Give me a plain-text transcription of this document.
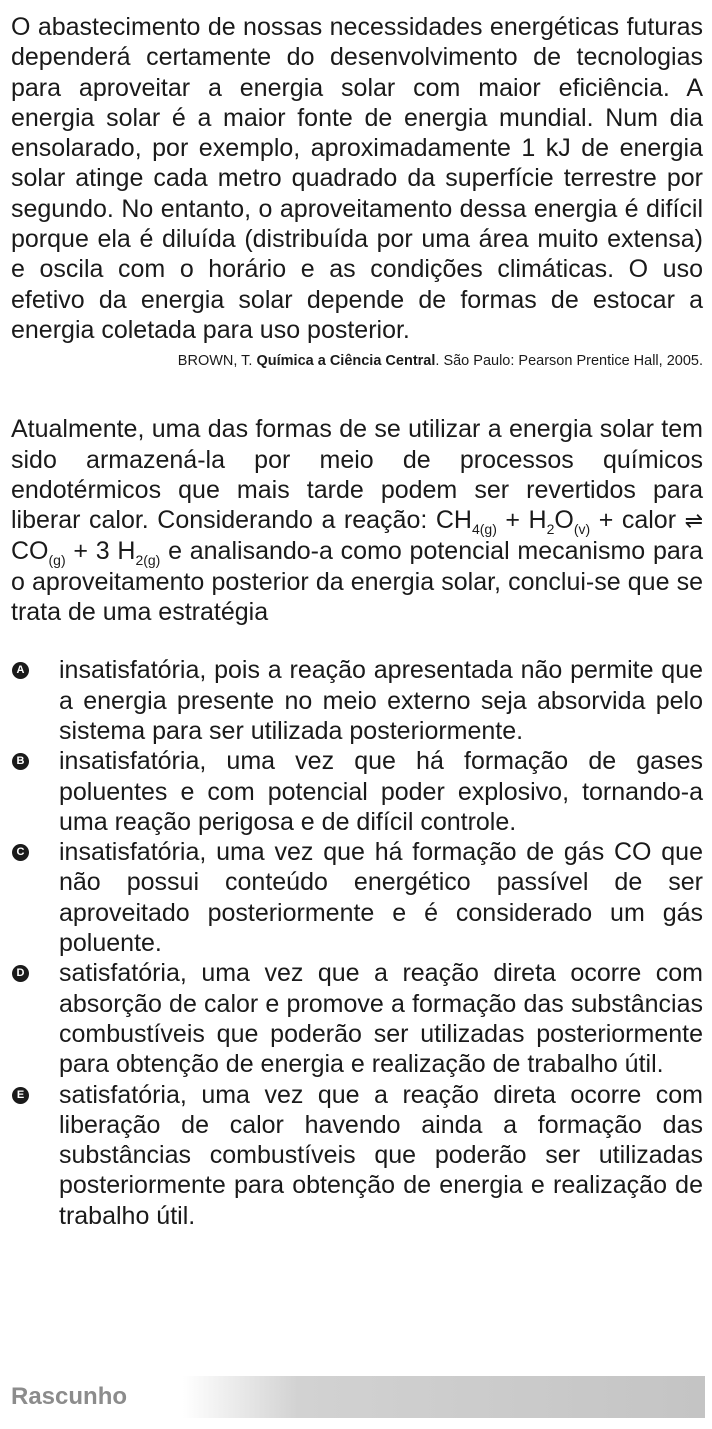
O abastecimento de nossas necessidades energéticas futuras dependerá certamente do desenvolvimento de tecnologias para aproveitar a energia solar com maior eficiência. A energia solar é a maior fonte de energia mundial. Num dia ensolarado, por exemplo, aproximadamente 1 kJ de energia solar atinge cada metro quadrado da superfície terrestre por segundo. No entanto, o aproveitamento dessa energia é difícil porque ela é diluída (distribuída por uma área muito extensa) e oscila com o horário e as condições climáticas. O uso efetivo da energia solar depende de formas de estocar a energia coletada para uso posterior.

BROWN, T. Química a Ciência Central. São Paulo: Pearson Prentice Hall, 2005.

Atualmente, uma das formas de se utilizar a energia solar tem sido armazená-la por meio de processos químicos endotérmicos que mais tarde podem ser revertidos para liberar calor. Considerando a reação: $CH_{4(g)} + H_2O_{(v)}$ + calor ⇌ $CO_{(g)} + 3$ $H_{2(g)}$ e analisando-a como potencial mecanismo para o aproveitamento posterior da energia solar, conclui-se que se trata de uma estratégia

A insatisfatória, pois a reação apresentada não permite que a energia presente no meio externo seja absorvida pelo sistema para ser utilizada posteriormente.
B insatisfatória, uma vez que há formação de gases poluentes e com potencial poder explosivo, tornando-a uma reação perigosa e de difícil controle.
C insatisfatória, uma vez que há formação de gás CO que não possui conteúdo energético passível de ser aproveitado posteriormente e é considerado um gás poluente.
D satisfatória, uma vez que a reação direta ocorre com absorção de calor e promove a formação das substâncias combustíveis que poderão ser utilizadas posteriormente para obtenção de energia e realização de trabalho útil.
E satisfatória, uma vez que a reação direta ocorre com liberação de calor havendo ainda a formação das substâncias combustíveis que poderão ser utilizadas posteriormente para obtenção de energia e realização de trabalho útil.
Rascunho
